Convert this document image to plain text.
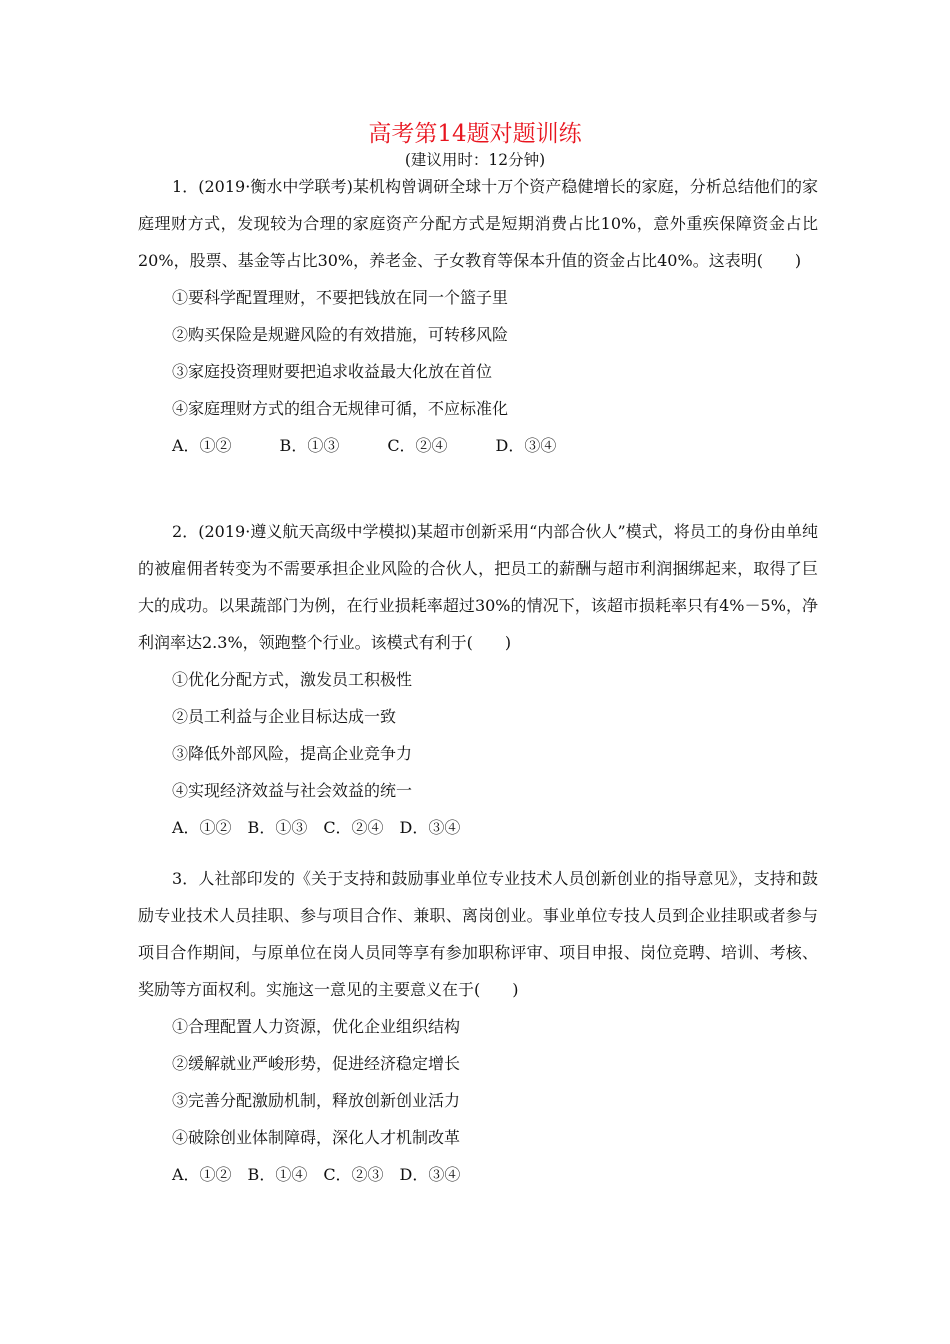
高考第14题对题训练
(建议用时：12分钟)

1．(2019·衡水中学联考)某机构曾调研全球十万个资产稳健增长的家庭，分析总结他们的家庭理财方式，发现较为合理的家庭资产分配方式是短期消费占比10%，意外重疾保障资金占比20%，股票、基金等占比30%，养老金、子女教育等保本升值的资金占比40%。这表明(　　)

①要科学配置理财，不要把钱放在同一个篮子里

②购买保险是规避风险的有效措施，可转移风险

③家庭投资理财要把追求收益最大化放在首位

④家庭理财方式的组合无规律可循，不应标准化

A．①②　　　B．①③　　　C．②④　　　D．③④

2．(2019·遵义航天高级中学模拟)某超市创新采用“内部合伙人”模式，将员工的身份由单纯的被雇佣者转变为不需要承担企业风险的合伙人，把员工的薪酬与超市利润捆绑起来，取得了巨大的成功。以果蔬部门为例，在行业损耗率超过30%的情况下，该超市损耗率只有4%－5%，净利润率达2.3%，领跑整个行业。该模式有利于(　　)

①优化分配方式，激发员工积极性

②员工利益与企业目标达成一致

③降低外部风险，提高企业竞争力

④实现经济效益与社会效益的统一

A．①②　B．①③　C．②④　D．③④

3．人社部印发的《关于支持和鼓励事业单位专业技术人员创新创业的指导意见》，支持和鼓励专业技术人员挂职、参与项目合作、兼职、离岗创业。事业单位专技人员到企业挂职或者参与项目合作期间，与原单位在岗人员同等享有参加职称评审、项目申报、岗位竞聘、培训、考核、奖励等方面权利。实施这一意见的主要意义在于(　　)

①合理配置人力资源，优化企业组织结构

②缓解就业严峻形势，促进经济稳定增长

③完善分配激励机制，释放创新创业活力

④破除创业体制障碍，深化人才机制改革

A．①②　B．①④　C．②③　D．③④
